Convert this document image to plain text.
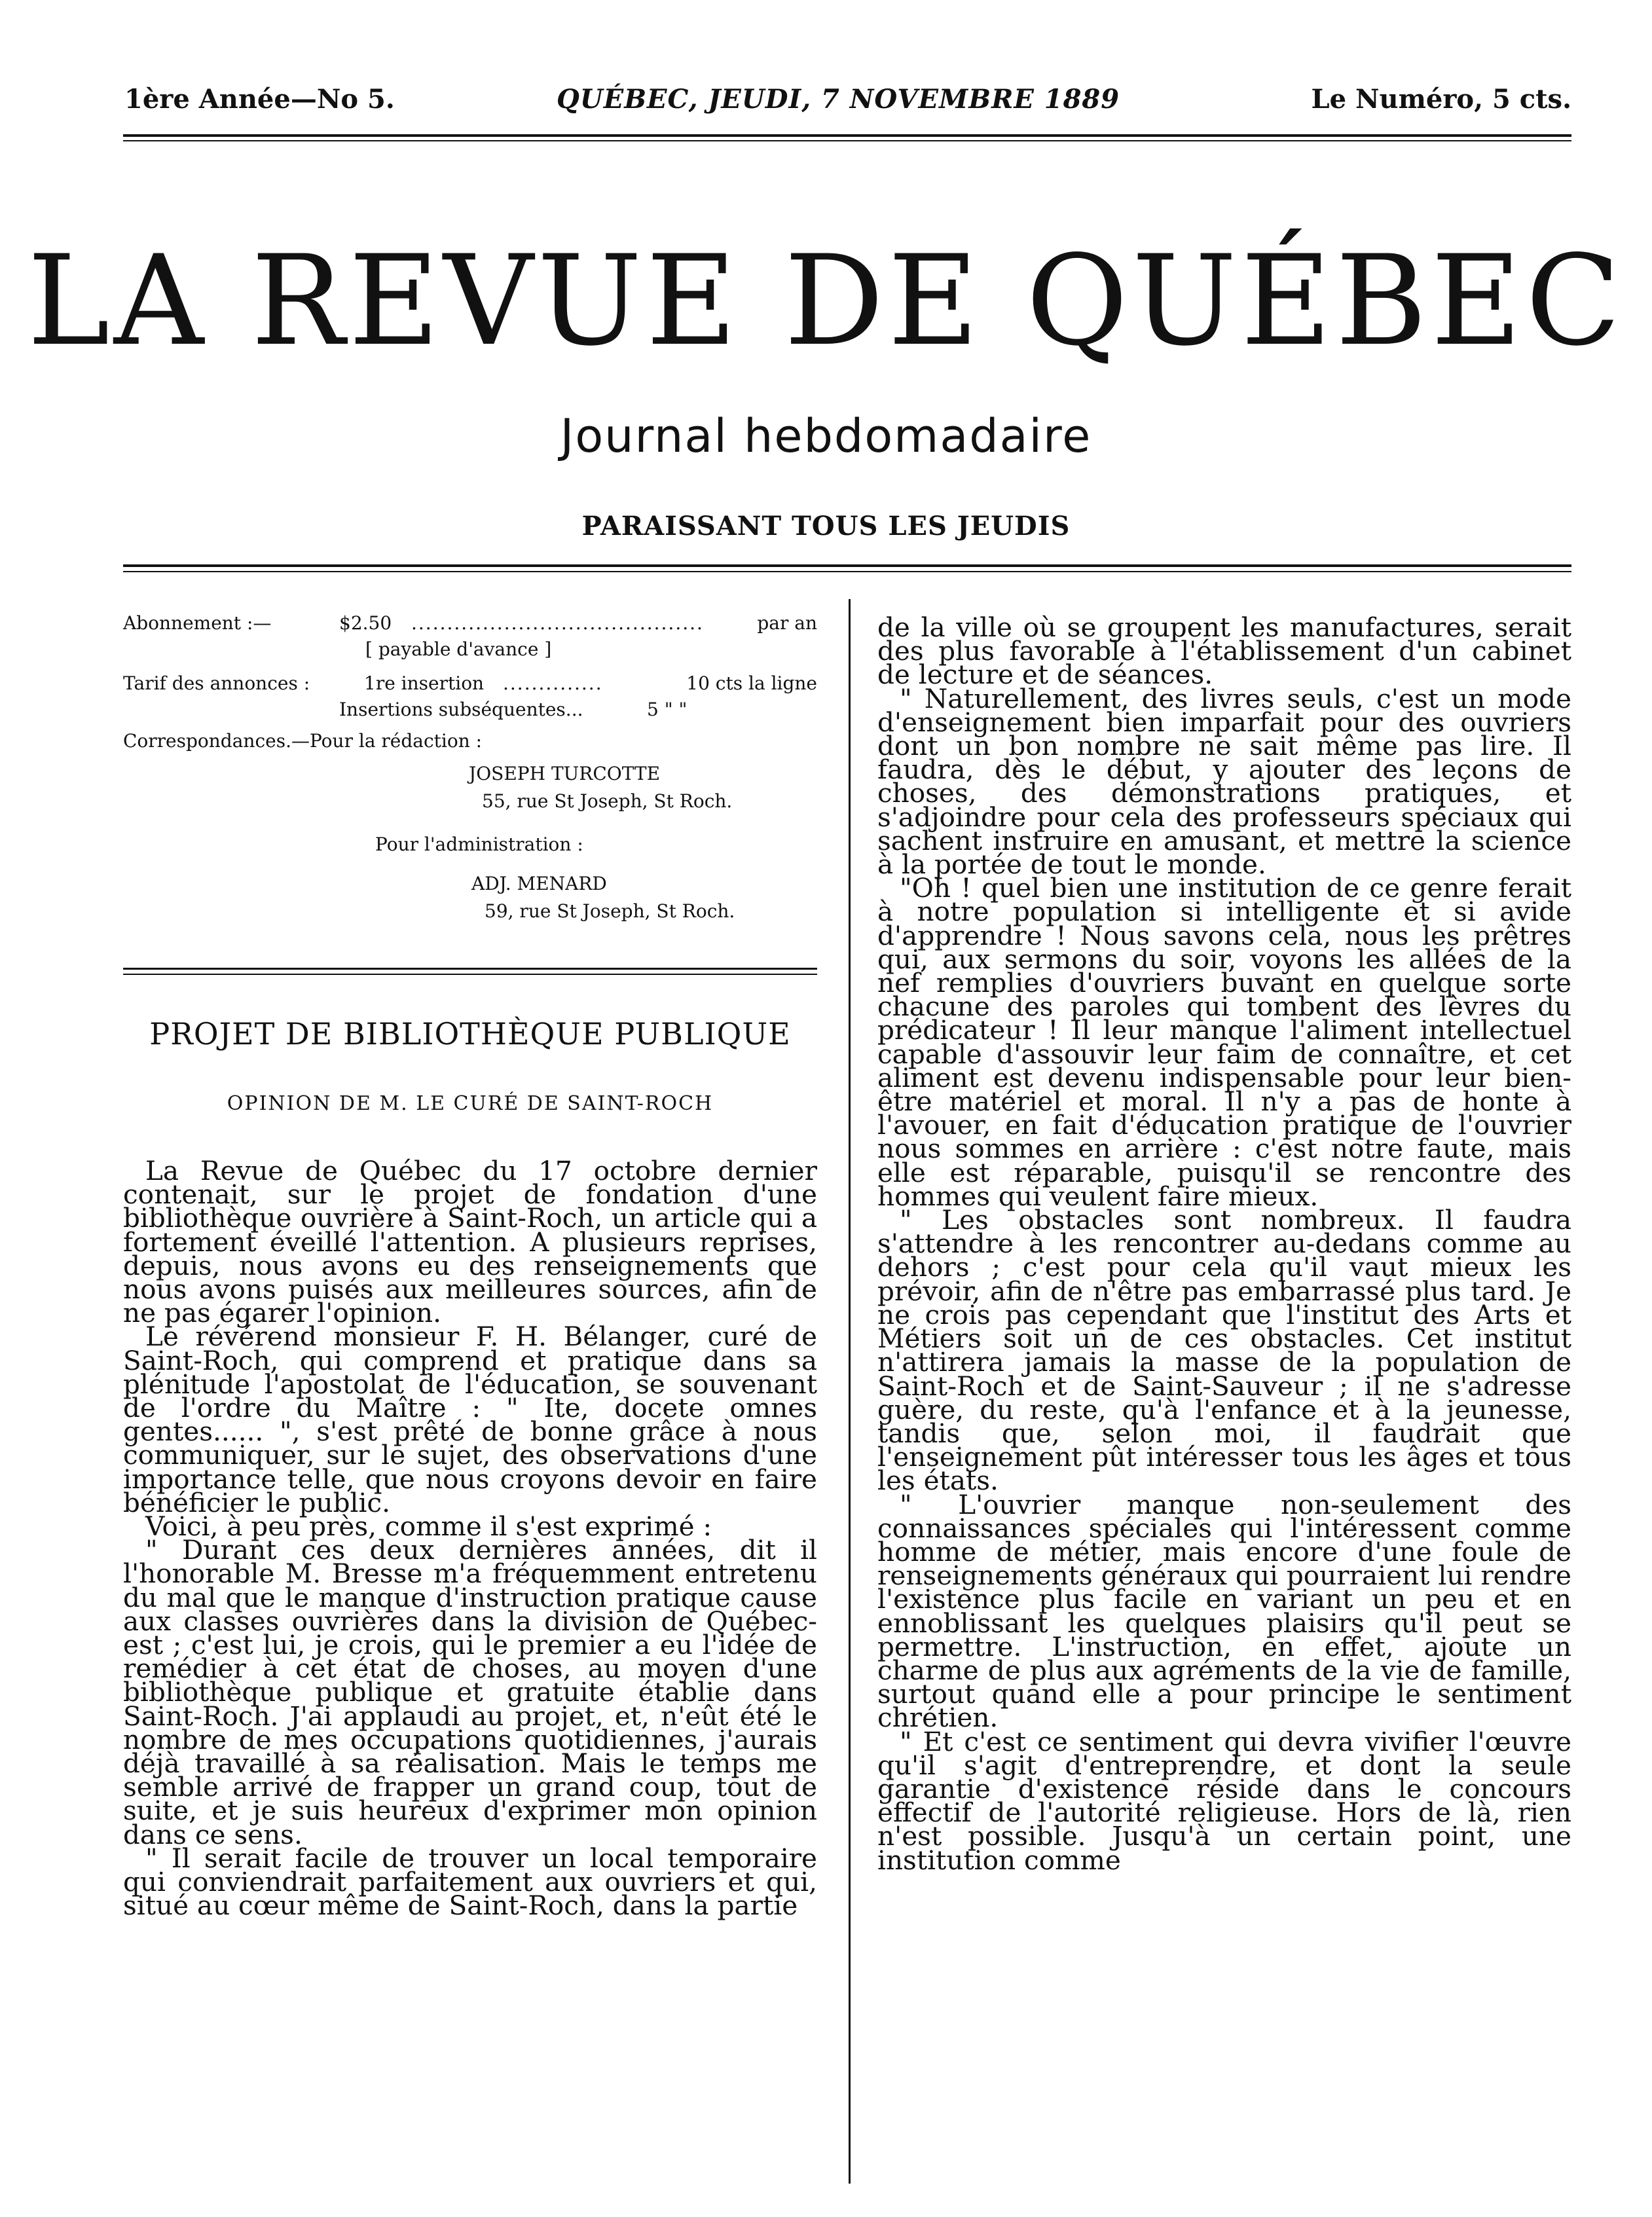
1ère Année—No 5.	QUÉBEC, JEUDI, 7 NOVEMBRE 1889	Le Numéro, 5 cts.
LA REVUE DE QUÉBEC
Journal hebdomadaire
PARAISSANT TOUS LES JEUDIS
Abonnement :—	$2.50 .........................................	par an
[ payable d'avance ]
Tarif des annonces :	1re insertion ..............	10 cts la ligne
Insertions subséquentes...	5 " "
Correspondances.—Pour la rédaction :
JOSEPH TURCOTTE
55, rue St Joseph, St Roch.
Pour l'administration :
ADJ. MENARD
59, rue St Joseph, St Roch.
PROJET DE BIBLIOTHÈQUE PUBLIQUE
OPINION DE M. LE CURÉ DE SAINT-ROCH

La Revue de Québec du 17 octobre dernier contenait, sur le projet de fondation d'une bibliothèque ouvrière à Saint-Roch, un article qui a fortement éveillé l'attention. A plusieurs reprises, depuis, nous avons eu des renseignements que nous avons puisés aux meilleures sources, afin de ne pas égarer l'opinion.

Le révérend monsieur F. H. Bélanger, curé de Saint-Roch, qui comprend et pratique dans sa plénitude l'apostolat de l'éducation, se souvenant de l'ordre du Maître : " Ite, docete omnes gentes...... ", s'est prêté de bonne grâce à nous communiquer, sur le sujet, des observations d'une importance telle, que nous croyons devoir en faire bénéficier le public.

Voici, à peu près, comme il s'est exprimé :

" Durant ces deux dernières années, dit il l'honorable M. Bresse m'a fréquemment entretenu du mal que le manque d'instruction pratique cause aux classes ouvrières dans la division de Québec-est ; c'est lui, je crois, qui le premier a eu l'idée de remédier à cet état de choses, au moyen d'une bibliothèque publique et gratuite établie dans Saint-Roch. J'ai applaudi au projet, et, n'eût été le nombre de mes occupations quotidiennes, j'aurais déjà travaillé à sa réalisation. Mais le temps me semble arrivé de frapper un grand coup, tout de suite, et je suis heureux d'exprimer mon opinion dans ce sens.

" Il serait facile de trouver un local temporaire qui conviendrait parfaitement aux ouvriers et qui, situé au cœur même de Saint-Roch, dans la partie

de la ville où se groupent les manufactures, serait des plus favorable à l'établissement d'un cabinet de lecture et de séances.

" Naturellement, des livres seuls, c'est un mode d'enseignement bien imparfait pour des ouvriers dont un bon nombre ne sait même pas lire. Il faudra, dès le début, y ajouter des leçons de choses, des démonstrations pratiques, et s'adjoindre pour cela des professeurs spéciaux qui sachent instruire en amusant, et mettre la science à la portée de tout le monde.

"Oh ! quel bien une institution de ce genre ferait à notre population si intelligente et si avide d'apprendre ! Nous savons cela, nous les prêtres qui, aux sermons du soir, voyons les allées de la nef remplies d'ouvriers buvant en quelque sorte chacune des paroles qui tombent des lèvres du prédicateur ! Il leur manque l'aliment intellectuel capable d'assouvir leur faim de connaître, et cet aliment est devenu indispensable pour leur bien-être matériel et moral. Il n'y a pas de honte à l'avouer, en fait d'éducation pratique de l'ouvrier nous sommes en arrière : c'est notre faute, mais elle est réparable, puisqu'il se rencontre des hommes qui veulent faire mieux.

" Les obstacles sont nombreux. Il faudra s'attendre à les rencontrer au-dedans comme au dehors ; c'est pour cela qu'il vaut mieux les prévoir, afin de n'être pas embarrassé plus tard. Je ne crois pas cependant que l'institut des Arts et Métiers soit un de ces obstacles. Cet institut n'attirera jamais la masse de la population de Saint-Roch et de Saint-Sauveur ; il ne s'adresse guère, du reste, qu'à l'enfance et à la jeunesse, tandis que, selon moi, il faudrait que l'enseignement pût intéresser tous les âges et tous les états.

" L'ouvrier manque non-seulement des connaissances spéciales qui l'intéressent comme homme de métier, mais encore d'une foule de renseignements généraux qui pourraient lui rendre l'existence plus facile en variant un peu et en ennoblissant les quelques plaisirs qu'il peut se permettre. L'instruction, en effet, ajoute un charme de plus aux agréments de la vie de famille, surtout quand elle a pour principe le sentiment chrétien.

" Et c'est ce sentiment qui devra vivifier l'œuvre qu'il s'agit d'entreprendre, et dont la seule garantie d'existence réside dans le concours effectif de l'autorité religieuse. Hors de là, rien n'est possible. Jusqu'à un certain point, une institution comme
